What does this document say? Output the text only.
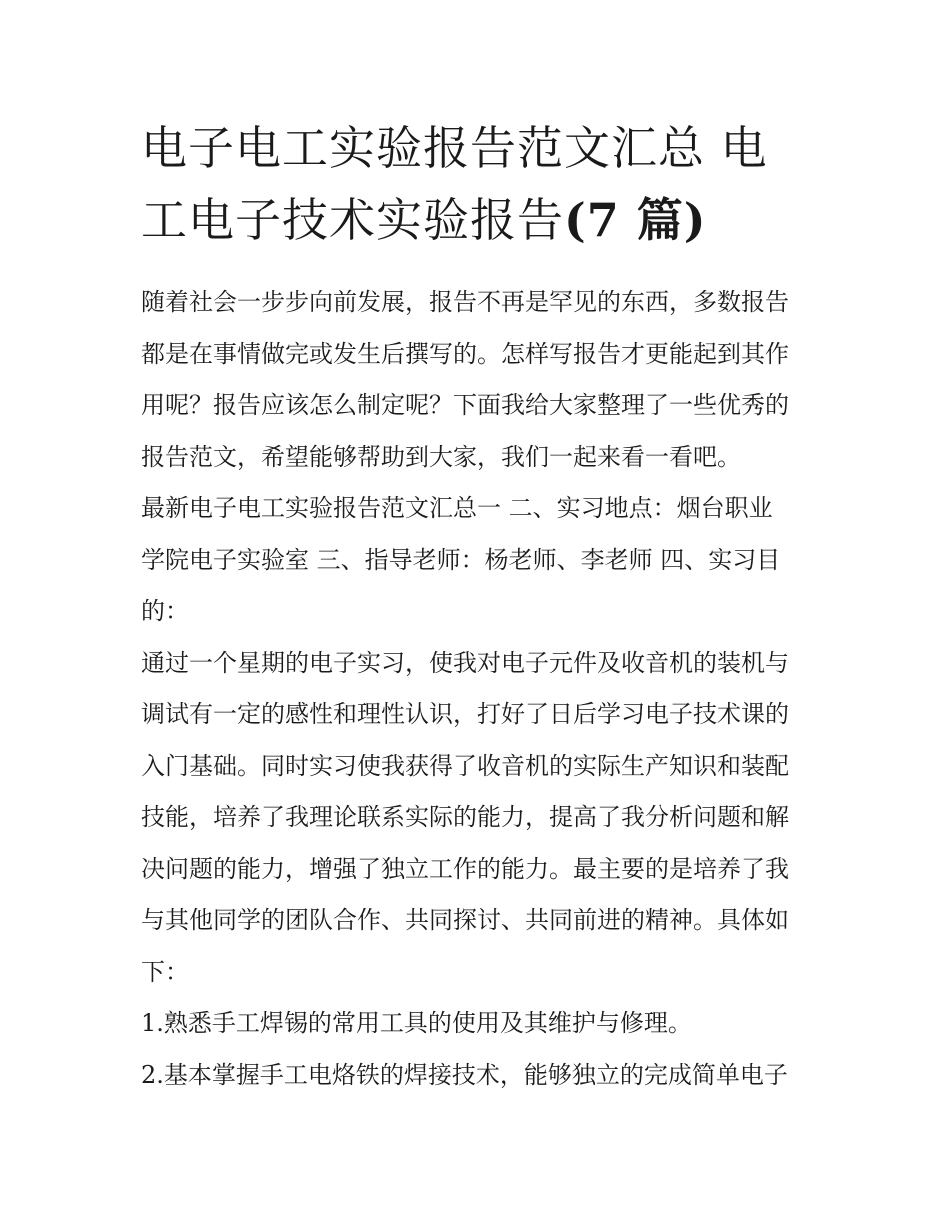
电子电工实验报告范文汇总 电
工电子技术实验报告(7 篇)
随着社会一步步向前发展，报告不再是罕见的东西，多数报告
都是在事情做完或发生后撰写的。怎样写报告才更能起到其作
用呢？报告应该怎么制定呢？下面我给大家整理了一些优秀的
报告范文，希望能够帮助到大家，我们一起来看一看吧。
最新电子电工实验报告范文汇总一 二、实习地点：烟台职业
学院电子实验室 三、指导老师：杨老师、李老师 四、实习目
的：
通过一个星期的电子实习，使我对电子元件及收音机的装机与
调试有一定的感性和理性认识，打好了日后学习电子技术课的
入门基础。同时实习使我获得了收音机的实际生产知识和装配
技能，培养了我理论联系实际的能力，提高了我分析问题和解
决问题的能力，增强了独立工作的能力。最主要的是培养了我
与其他同学的团队合作、共同探讨、共同前进的精神。具体如
下：
1.熟悉手工焊锡的常用工具的使用及其维护与修理。
2.基本掌握手工电烙铁的焊接技术，能够独立的完成简单电子
